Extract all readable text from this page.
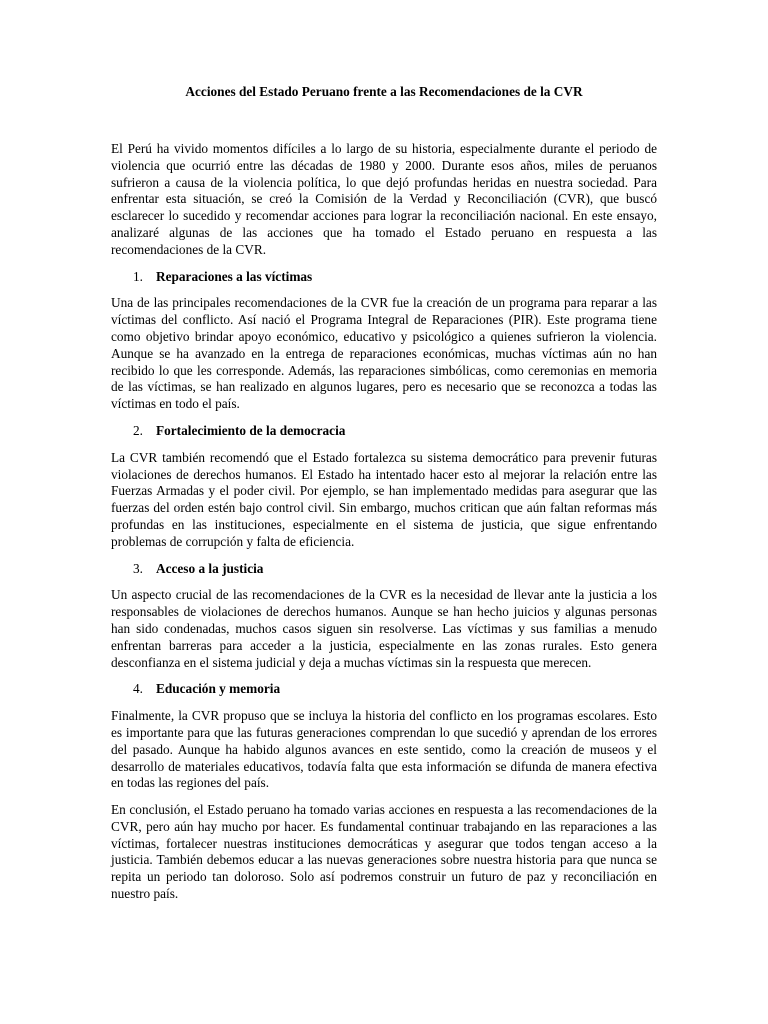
Acciones del Estado Peruano frente a las Recomendaciones de la CVR

El Perú ha vivido momentos difíciles a lo largo de su historia, especialmente durante el periodo de violencia que ocurrió entre las décadas de 1980 y 2000. Durante esos años, miles de peruanos sufrieron a causa de la violencia política, lo que dejó profundas heridas en nuestra sociedad. Para enfrentar esta situación, se creó la Comisión de la Verdad y Reconciliación (CVR), que buscó esclarecer lo sucedido y recomendar acciones para lograr la reconciliación nacional. En este ensayo, analizaré algunas de las acciones que ha tomado el Estado peruano en respuesta a las recomendaciones de la CVR.

1. Reparaciones a las víctimas

Una de las principales recomendaciones de la CVR fue la creación de un programa para reparar a las víctimas del conflicto. Así nació el Programa Integral de Reparaciones (PIR). Este programa tiene como objetivo brindar apoyo económico, educativo y psicológico a quienes sufrieron la violencia. Aunque se ha avanzado en la entrega de reparaciones económicas, muchas víctimas aún no han recibido lo que les corresponde. Además, las reparaciones simbólicas, como ceremonias en memoria de las víctimas, se han realizado en algunos lugares, pero es necesario que se reconozca a todas las víctimas en todo el país.

2. Fortalecimiento de la democracia

La CVR también recomendó que el Estado fortalezca su sistema democrático para prevenir futuras violaciones de derechos humanos. El Estado ha intentado hacer esto al mejorar la relación entre las Fuerzas Armadas y el poder civil. Por ejemplo, se han implementado medidas para asegurar que las fuerzas del orden estén bajo control civil. Sin embargo, muchos critican que aún faltan reformas más profundas en las instituciones, especialmente en el sistema de justicia, que sigue enfrentando problemas de corrupción y falta de eficiencia.

3. Acceso a la justicia

Un aspecto crucial de las recomendaciones de la CVR es la necesidad de llevar ante la justicia a los responsables de violaciones de derechos humanos. Aunque se han hecho juicios y algunas personas han sido condenadas, muchos casos siguen sin resolverse. Las víctimas y sus familias a menudo enfrentan barreras para acceder a la justicia, especialmente en las zonas rurales. Esto genera desconfianza en el sistema judicial y deja a muchas víctimas sin la respuesta que merecen.

4. Educación y memoria

Finalmente, la CVR propuso que se incluya la historia del conflicto en los programas escolares. Esto es importante para que las futuras generaciones comprendan lo que sucedió y aprendan de los errores del pasado. Aunque ha habido algunos avances en este sentido, como la creación de museos y el desarrollo de materiales educativos, todavía falta que esta información se difunda de manera efectiva en todas las regiones del país.

En conclusión, el Estado peruano ha tomado varias acciones en respuesta a las recomendaciones de la CVR, pero aún hay mucho por hacer. Es fundamental continuar trabajando en las reparaciones a las víctimas, fortalecer nuestras instituciones democráticas y asegurar que todos tengan acceso a la justicia. También debemos educar a las nuevas generaciones sobre nuestra historia para que nunca se repita un periodo tan doloroso. Solo así podremos construir un futuro de paz y reconciliación en nuestro país.
